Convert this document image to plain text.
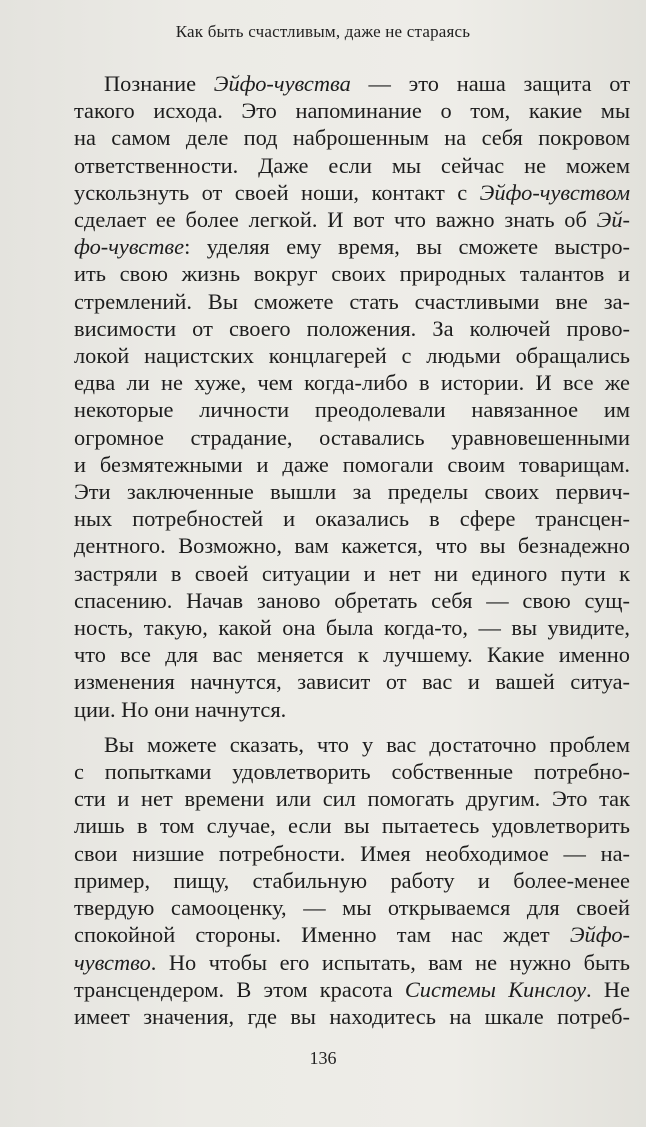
Как быть счастливым, даже не стараясь
Познание Эйфо-чувства — это наша защита от
такого исхода. Это напоминание о том, какие мы
на самом деле под наброшенным на себя покровом
ответственности. Даже если мы сейчас не можем
ускользнуть от своей ноши, контакт с Эйфо-чувством
сделает ее более легкой. И вот что важно знать об Эй-
фо-чувстве: уделяя ему время, вы сможете выстро-
ить свою жизнь вокруг своих природных талантов и
стремлений. Вы сможете стать счастливыми вне за-
висимости от своего положения. За колючей прово-
локой нацистских концлагерей с людьми обращались
едва ли не хуже, чем когда-либо в истории. И все же
некоторые личности преодолевали навязанное им
огромное страдание, оставались уравновешенными
и безмятежными и даже помогали своим товарищам.
Эти заключенные вышли за пределы своих первич-
ных потребностей и оказались в сфере трансцен-
дентного. Возможно, вам кажется, что вы безнадежно
застряли в своей ситуации и нет ни единого пути к
спасению. Начав заново обретать себя — свою сущ-
ность, такую, какой она была когда-то, — вы увидите,
что все для вас меняется к лучшему. Какие именно
изменения начнутся, зависит от вас и вашей ситуа-
ции. Но они начнутся.
Вы можете сказать, что у вас достаточно проблем
с попытками удовлетворить собственные потребно-
сти и нет времени или сил помогать другим. Это так
лишь в том случае, если вы пытаетесь удовлетворить
свои низшие потребности. Имея необходимое — на-
пример, пищу, стабильную работу и более-менее
твердую самооценку, — мы открываемся для своей
спокойной стороны. Именно там нас ждет Эйфо-
чувство. Но чтобы его испытать, вам не нужно быть
трансцендером. В этом красота Системы Кинслоу. Не
имеет значения, где вы находитесь на шкале потреб-
136
